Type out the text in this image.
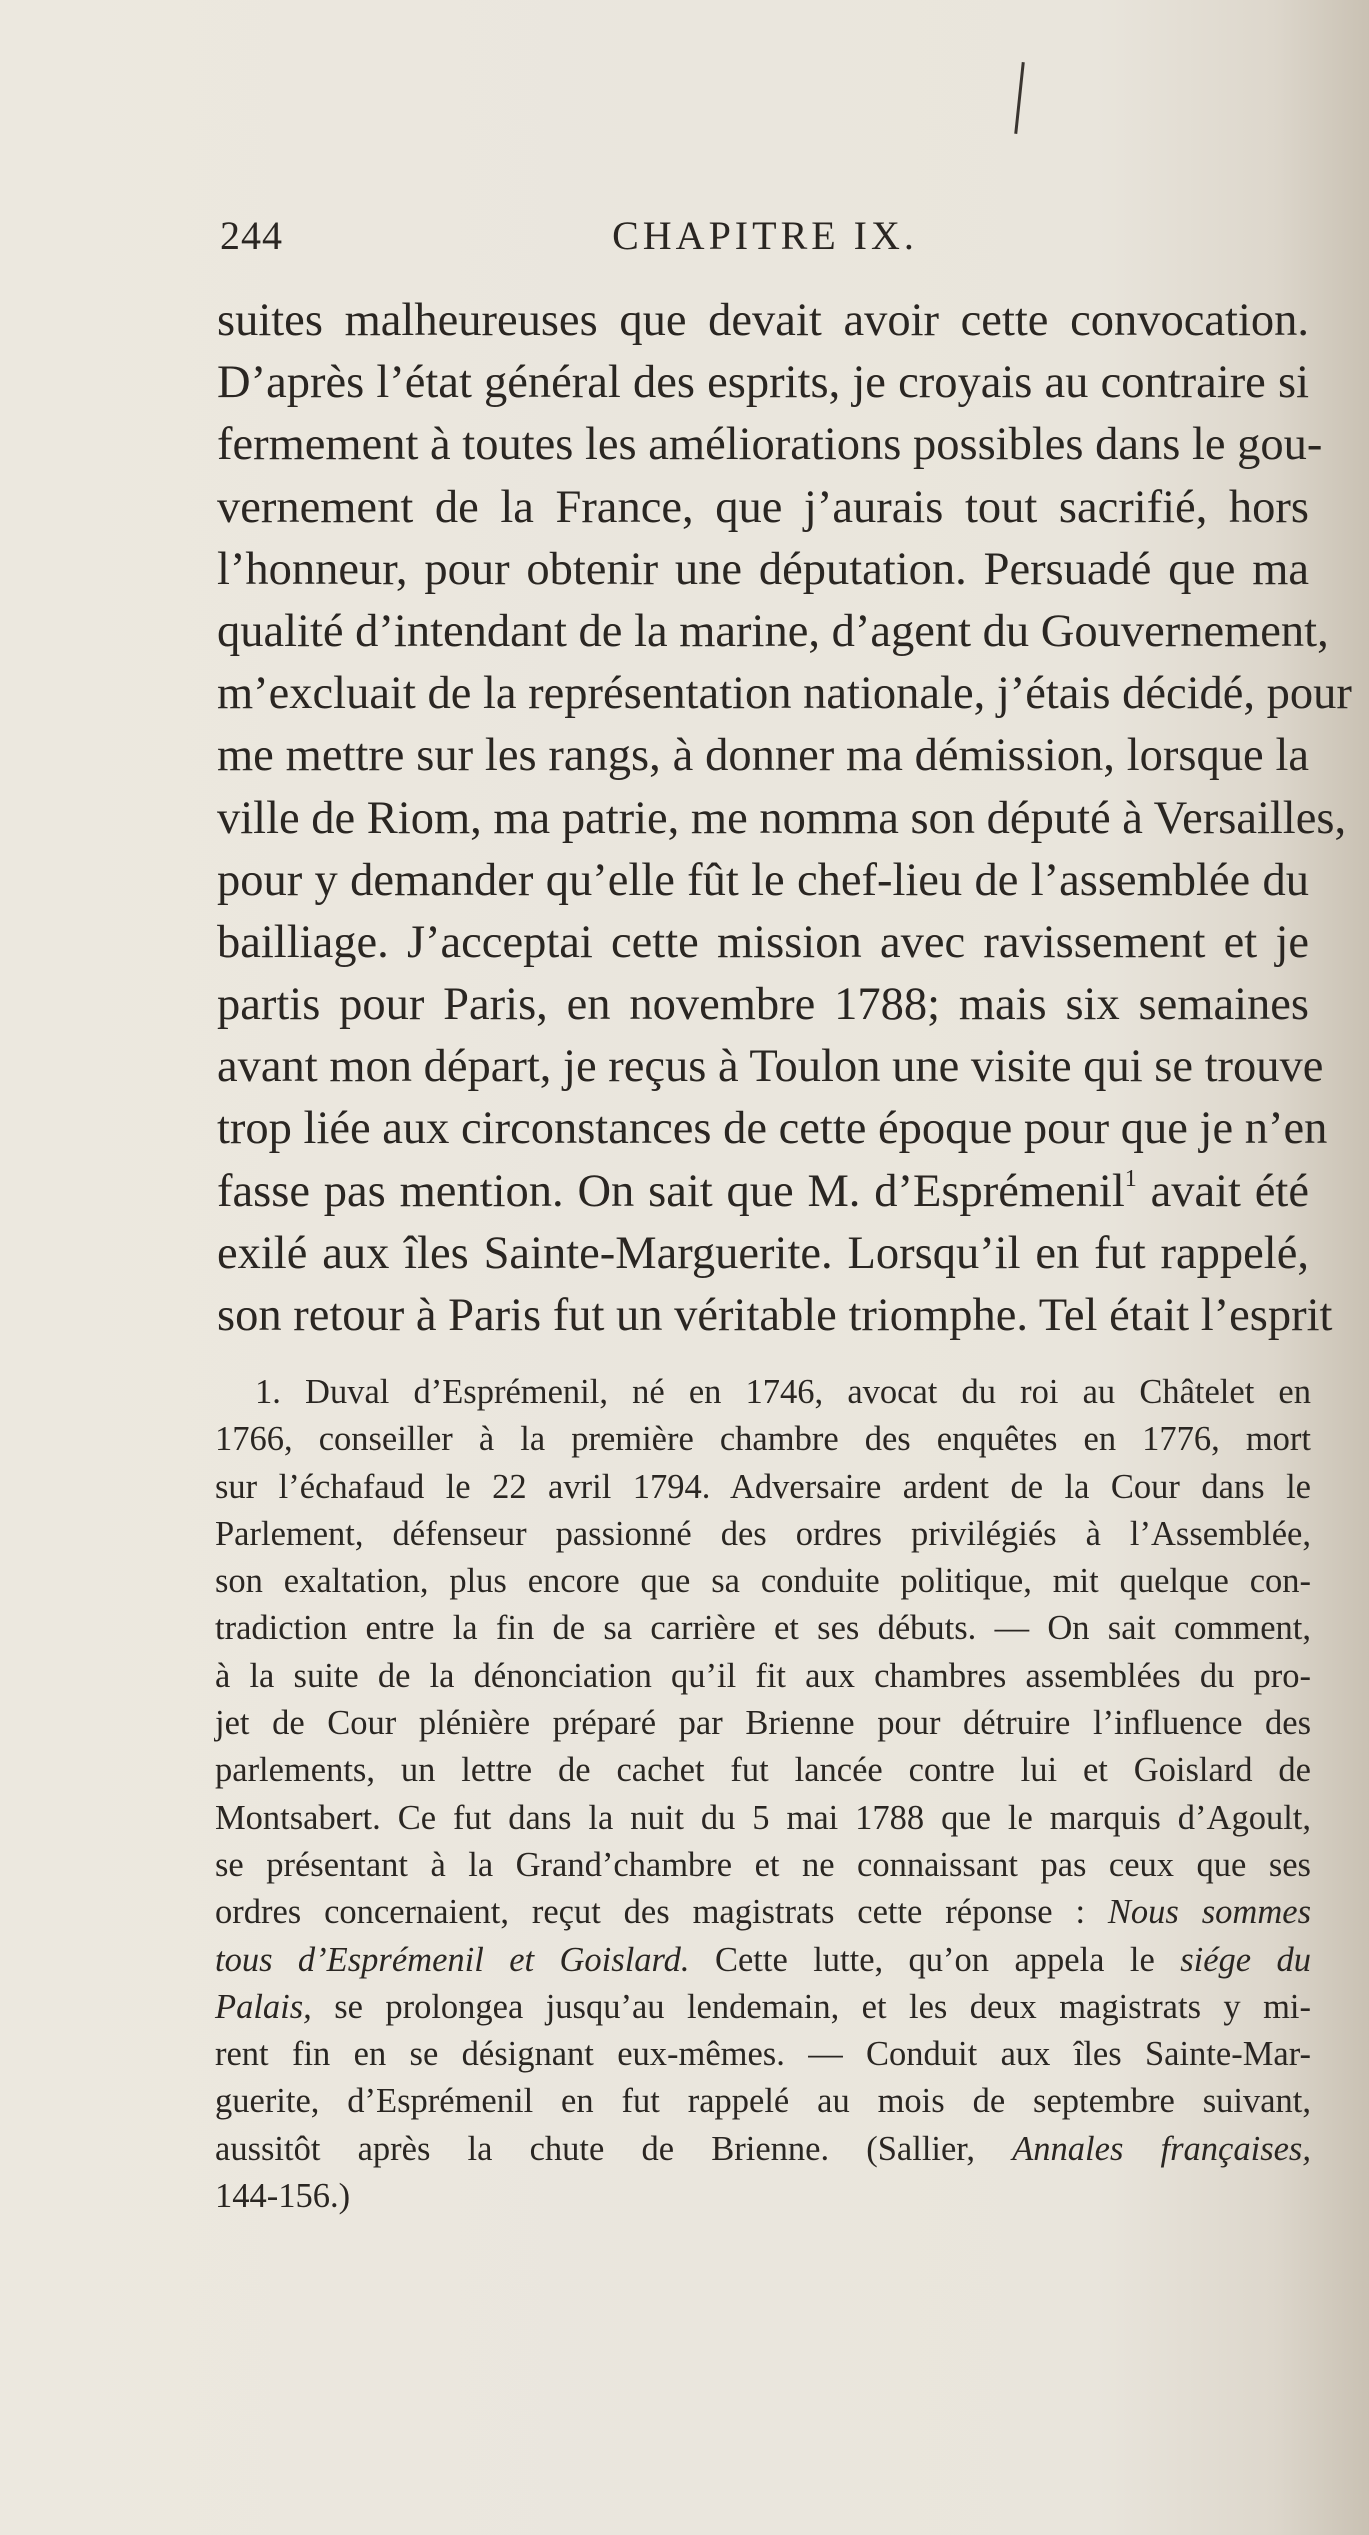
244	CHAPITRE IX.
suites malheureuses que devait avoir cette convocation.
D’après l’état général des esprits, je croyais au contraire si
fermement à toutes les améliorations possibles dans le gou-
vernement de la France, que j’aurais tout sacrifié, hors
l’honneur, pour obtenir une députation. Persuadé que ma
qualité d’intendant de la marine, d’agent du Gouvernement,
m’excluait de la représentation nationale, j’étais décidé, pour
me mettre sur les rangs, à donner ma démission, lorsque la
ville de Riom, ma patrie, me nomma son député à Versailles,
pour y demander qu’elle fût le chef-lieu de l’assemblée du
bailliage. J’acceptai cette mission avec ravissement et je
partis pour Paris, en novembre 1788; mais six semaines
avant mon départ, je reçus à Toulon une visite qui se trouve
trop liée aux circonstances de cette époque pour que je n’en
fasse pas mention. On sait que M. d’Esprémenil$^1$ avait été
exilé aux îles Sainte-Marguerite. Lorsqu’il en fut rappelé,
son retour à Paris fut un véritable triomphe. Tel était l’esprit
1. Duval d’Esprémenil, né en 1746, avocat du roi au Châtelet en
1766, conseiller à la première chambre des enquêtes en 1776, mort
sur l’échafaud le 22 avril 1794. Adversaire ardent de la Cour dans le
Parlement, défenseur passionné des ordres privilégiés à l’Assemblée,
son exaltation, plus encore que sa conduite politique, mit quelque con-
tradiction entre la fin de sa carrière et ses débuts. — On sait comment,
à la suite de la dénonciation qu’il fit aux chambres assemblées du pro-
jet de Cour plénière préparé par Brienne pour détruire l’influence des
parlements, un lettre de cachet fut lancée contre lui et Goislard de
Montsabert. Ce fut dans la nuit du 5 mai 1788 que le marquis d’Agoult,
se présentant à la Grand’chambre et ne connaissant pas ceux que ses
ordres concernaient, reçut des magistrats cette réponse : Nous sommes
tous d’Esprémenil et Goislard. Cette lutte, qu’on appela le siége du
Palais, se prolongea jusqu’au lendemain, et les deux magistrats y mi-
rent fin en se désignant eux-mêmes. — Conduit aux îles Sainte-Mar-
guerite, d’Esprémenil en fut rappelé au mois de septembre suivant,
aussitôt après la chute de Brienne. (Sallier, Annales françaises,
144-156.)
